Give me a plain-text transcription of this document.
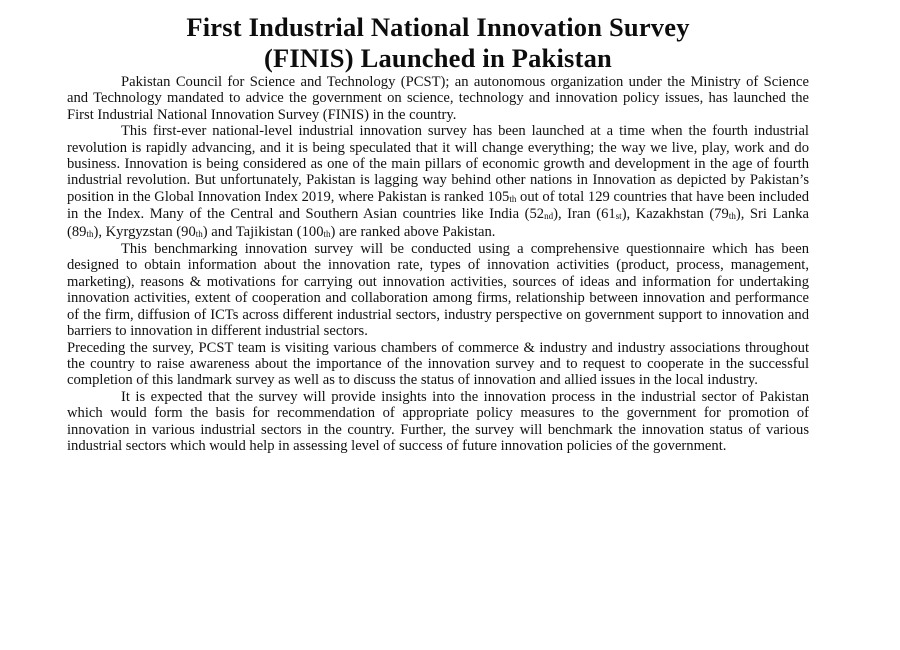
First Industrial National Innovation Survey
(FINIS) Launched in Pakistan

Pakistan Council for Science and Technology (PCST); an autonomous organization under the Ministry of Science and Technology mandated to advice the government on science, technology and innovation policy issues, has launched the First Industrial National Innovation Survey (FINIS) in the country.

This first-ever national-level industrial innovation survey has been launched at a time when the fourth industrial revolution is rapidly advancing, and it is being speculated that it will change everything; the way we live, play, work and do business. Innovation is being considered as one of the main pillars of economic growth and development in the age of fourth industrial revolution. But unfortunately, Pakistan is lagging way behind other nations in Innovation as depicted by Pakistan’s position in the Global Innovation Index 2019, where Pakistan is ranked 105th out of total 129 countries that have been included in the Index. Many of the Central and Southern Asian countries like India (52nd), Iran (61st), Kazakhstan (79th), Sri Lanka (89th), Kyrgyzstan (90th) and Tajikistan (100th) are ranked above Pakistan.

This benchmarking innovation survey will be conducted using a comprehensive questionnaire which has been designed to obtain information about the innovation rate, types of innovation activities (product, process, management, marketing), reasons & motivations for carrying out innovation activities, sources of ideas and information for undertaking innovation activities, extent of cooperation and collaboration among firms, relationship between innovation and performance of the firm, diffusion of ICTs across different industrial sectors, industry perspective on government support to innovation and barriers to innovation in different industrial sectors.

Preceding the survey, PCST team is visiting various chambers of commerce & industry and industry associations throughout the country to raise awareness about the importance of the innovation survey and to request to cooperate in the successful completion of this landmark survey as well as to discuss the status of innovation and allied issues in the local industry.

It is expected that the survey will provide insights into the innovation process in the industrial sector of Pakistan which would form the basis for recommendation of appropriate policy measures to the government for promotion of innovation in various industrial sectors in the country. Further, the survey will benchmark the innovation status of various industrial sectors which would help in assessing level of success of future innovation policies of the government.
